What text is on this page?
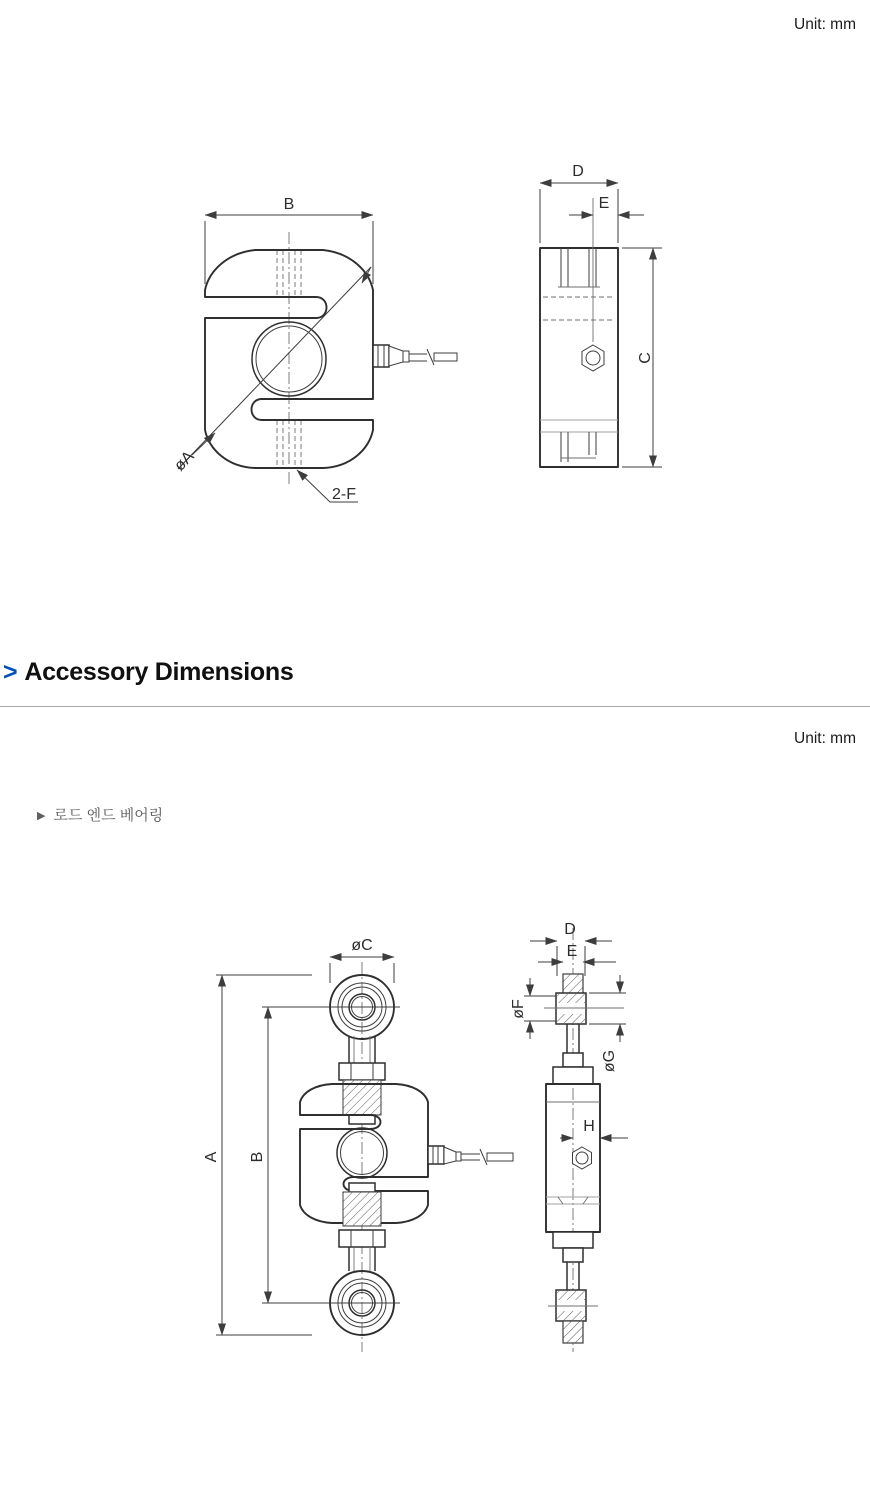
Unit: mm
B
øA
2-F
D
E
C
øC
A B
D
E
øF
øG
H
> Accessory Dimensions
Unit: mm
▶ 로드 엔드 베어링
